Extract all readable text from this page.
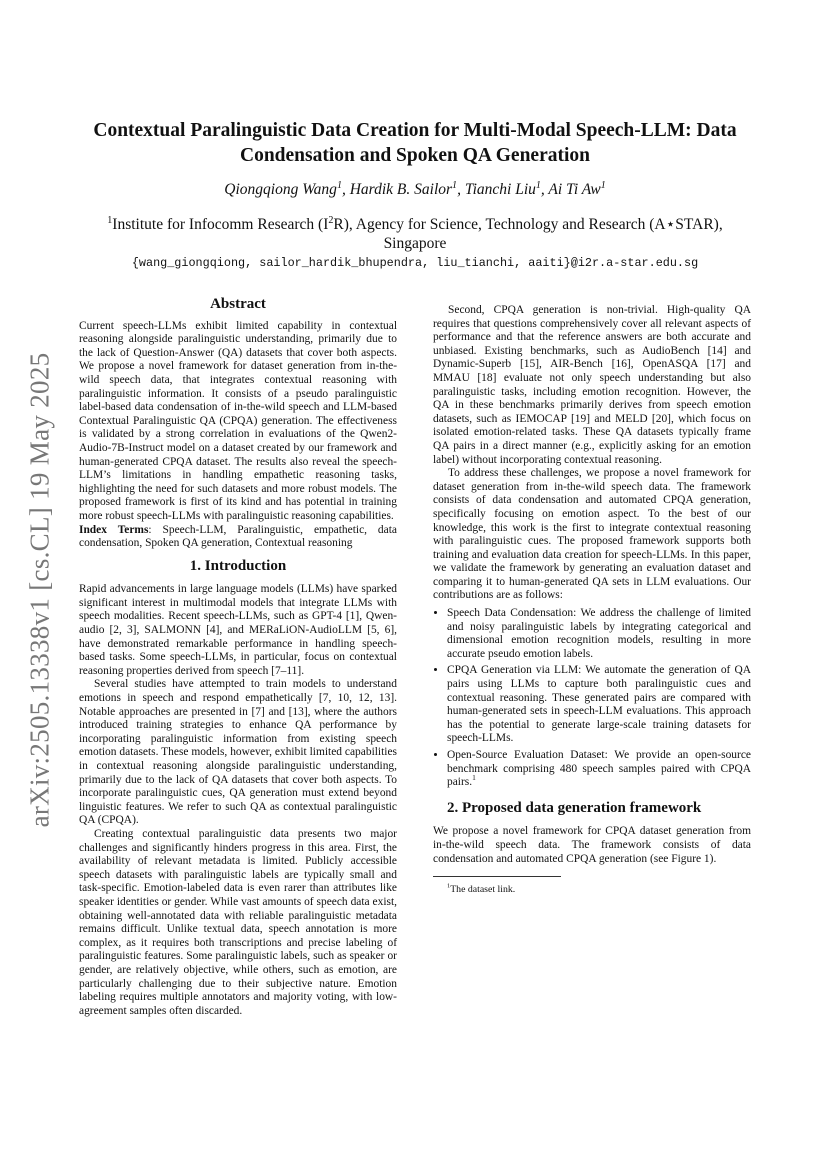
arXiv:2505.13338v1 [cs.CL] 19 May 2025
Contextual Paralinguistic Data Creation for Multi-Modal Speech-LLM: Data Condensation and Spoken QA Generation
Qiongqiong Wang$^1$, Hardik B. Sailor$^1$, Tianchi Liu$^1$, Ai Ti Aw$^1$
$^1$Institute for Infocomm Research $(I^2R)$, Agency for Science, Technology and Research (A⋆STAR), Singapore
{wang_giongqiong, sailor_hardik_bhupendra, liu_tianchi, aaiti}@i2r.a-star.edu.sg
Abstract

Current speech-LLMs exhibit limited capability in contextual reasoning alongside paralinguistic understanding, primarily due to the lack of Question-Answer (QA) datasets that cover both aspects. We propose a novel framework for dataset generation from in-the-wild speech data, that integrates contextual reasoning with paralinguistic information. It consists of a pseudo paralinguistic label-based data condensation of in-the-wild speech and LLM-based Contextual Paralinguistic QA (CPQA) generation. The effectiveness is validated by a strong correlation in evaluations of the Qwen2-Audio-7B-Instruct model on a dataset created by our framework and human-generated CPQA dataset. The results also reveal the speech-LLM’s limitations in handling empathetic reasoning tasks, highlighting the need for such datasets and more robust models. The proposed framework is first of its kind and has potential in training more robust speech-LLMs with paralinguistic reasoning capabilities.

Index Terms: Speech-LLM, Paralinguistic, empathetic, data condensation, Spoken QA generation, Contextual reasoning

1. Introduction

Rapid advancements in large language models (LLMs) have sparked significant interest in multimodal models that integrate LLMs with speech modalities. Recent speech-LLMs, such as GPT-4 [1], Qwen-audio [2, 3], SALMONN [4], and MERaLiON-AudioLLM [5, 6], have demonstrated remarkable performance in handling speech-based tasks. Some speech-LLMs, in particular, focus on contextual reasoning properties derived from speech [7–11].

Several studies have attempted to train models to understand emotions in speech and respond empathetically [7, 10, 12, 13]. Notable approaches are presented in [7] and [13], where the authors introduced training strategies to enhance QA performance by incorporating paralinguistic information from existing speech emotion datasets. These models, however, exhibit limited capabilities in contextual reasoning alongside paralinguistic understanding, primarily due to the lack of QA datasets that cover both aspects. To incorporate paralinguistic cues, QA generation must extend beyond linguistic features. We refer to such QA as contextual paralinguistic QA (CPQA).

Creating contextual paralinguistic data presents two major challenges and significantly hinders progress in this area. First, the availability of relevant metadata is limited. Publicly accessible speech datasets with paralinguistic labels are typically small and task-specific. Emotion-labeled data is even rarer than attributes like speaker identities or gender. While vast amounts of speech data exist, obtaining well-annotated data with reliable paralinguistic metadata remains difficult. Unlike textual data, speech annotation is more complex, as it requires both transcriptions and precise labeling of paralinguistic features. Some paralinguistic labels, such as speaker or gender, are relatively objective, while others, such as emotion, are particularly challenging due to their subjective nature. Emotion labeling requires multiple annotators and majority voting, with low-agreement samples often discarded.

Second, CPQA generation is non-trivial. High-quality QA requires that questions comprehensively cover all relevant aspects of performance and that the reference answers are both accurate and unbiased. Existing benchmarks, such as AudioBench [14] and Dynamic-Superb [15], AIR-Bench [16], OpenASQA [17] and MMAU [18] evaluate not only speech understanding but also paralinguistic tasks, including emotion recognition. However, the QA in these benchmarks primarily derives from speech emotion datasets, such as IEMOCAP [19] and MELD [20], which focus on isolated emotion-related tasks. These QA datasets typically frame QA pairs in a direct manner (e.g., explicitly asking for an emotion label) without incorporating contextual reasoning.

To address these challenges, we propose a novel framework for dataset generation from in-the-wild speech data. The framework consists of data condensation and automated CPQA generation, specifically focusing on emotion aspect. To the best of our knowledge, this work is the first to integrate contextual reasoning with paralinguistic cues. The proposed framework supports both training and evaluation data creation for speech-LLMs. In this paper, we validate the framework by generating an evaluation dataset and comparing it to human-generated QA sets in LLM evaluations. Our contributions are as follows:

• Speech Data Condensation: We address the challenge of limited and noisy paralinguistic labels by integrating categorical and dimensional emotion recognition models, resulting in more accurate pseudo emotion labels.
• CPQA Generation via LLM: We automate the generation of QA pairs using LLMs to capture both paralinguistic cues and contextual reasoning. These generated pairs are compared with human-generated sets in speech-LLM evaluations. This approach has the potential to generate large-scale training datasets for speech-LLMs.
• Open-Source Evaluation Dataset: We provide an open-source benchmark comprising 480 speech samples paired with CPQA pairs.$^1$
2. Proposed data generation framework

We propose a novel framework for CPQA dataset generation from in-the-wild speech data. The framework consists of data condensation and automated CPQA generation (see Figure 1).

$^1$The dataset link.
